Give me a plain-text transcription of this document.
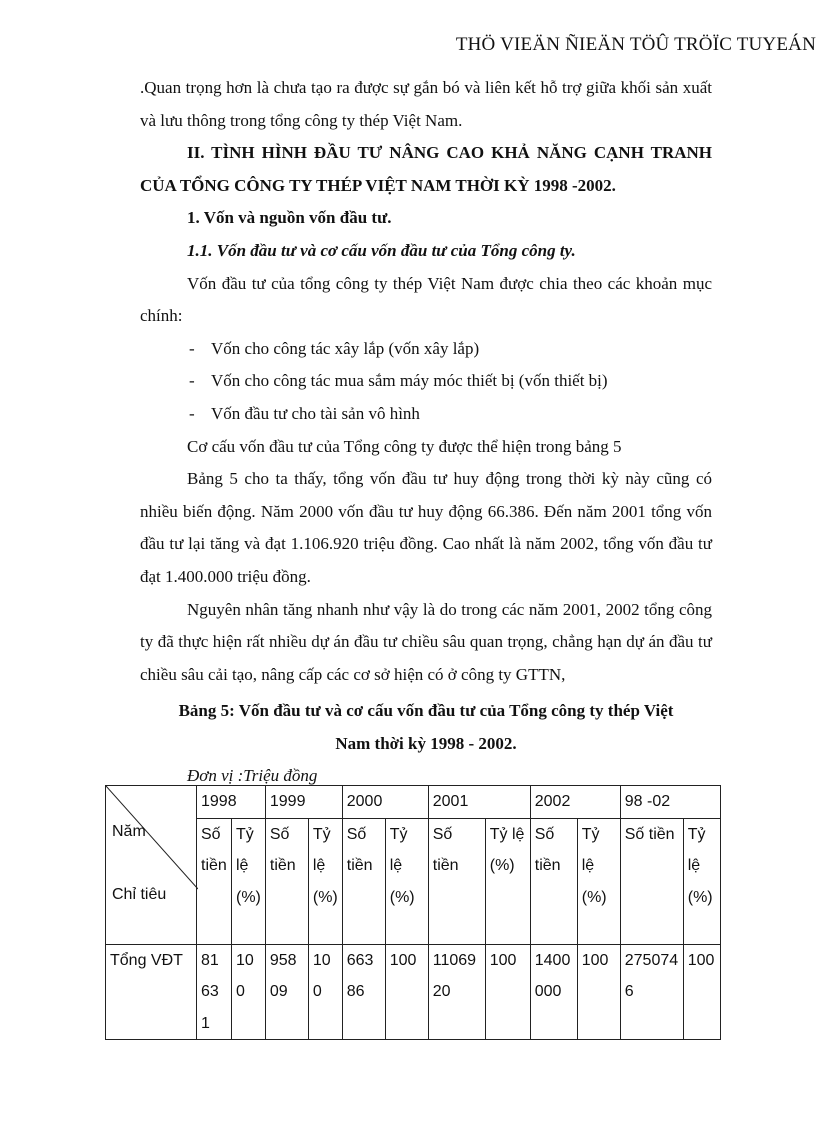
THÖ VIEÄN ÑIEÄN TÖÛ TRÖÏC TUYEÁN

.Quan trọng hơn là chưa tạo ra được sự gắn bó và liên kết hỗ trợ giữa khối sản xuất và lưu thông trong tổng công ty thép Việt Nam.

II. TÌNH HÌNH ĐẦU TƯ NÂNG CAO KHẢ NĂNG CẠNH TRANH CỦA TỔNG CÔNG TY THÉP VIỆT NAM THỜI KỲ 1998 -2002.

1. Vốn và nguồn vốn đầu tư.

1.1. Vốn đầu tư và cơ cấu vốn đầu tư của Tổng công ty.

Vốn đầu tư của tổng công ty thép Việt Nam được chia theo các khoản mục chính:

- Vốn cho công tác xây lắp (vốn xây lắp)
- Vốn cho công tác mua sắm máy móc thiết bị (vốn thiết bị)
- Vốn đầu tư cho tài sản vô hình

Cơ cấu vốn đầu tư của Tổng công ty được thể hiện trong bảng 5

Bảng 5 cho ta thấy, tổng vốn đầu tư huy động trong thời kỳ này cũng có nhiều biến động. Năm 2000 vốn đầu tư huy động 66.386. Đến năm 2001 tổng vốn đầu tư lại tăng và đạt 1.106.920 triệu đồng. Cao nhất là năm 2002, tổng vốn đầu tư đạt 1.400.000 triệu đồng.

Nguyên nhân tăng nhanh như vậy là do trong các năm 2001, 2002 tổng công ty đã thực hiện rất nhiều dự án đầu tư chiều sâu quan trọng, chẳng hạn dự án đầu tư chiều sâu cải tạo, nâng cấp các cơ sở hiện có ở công ty GTTN,

Bảng 5: Vốn đầu tư và cơ cấu vốn đầu tư của Tổng công ty thép Việt
Nam thời kỳ 1998 - 2002.

Đơn vị :Triệu đồng

Năm
Chỉ tiêu	1998		1999		2000		2001		2002		98 -02	
	Số tiền	Tỷ lệ (%)	Số tiền	Tỷ lệ (%)	Số tiền	Tỷ lệ (%)	Số tiền	Tỷ lệ (%)	Số tiền	Tỷ lệ (%)	Số tiền	Tỷ lệ (%)
Tổng VĐT	81631	100	95809	100	66386	100	1106920	100	1400000	100	2750746	100
